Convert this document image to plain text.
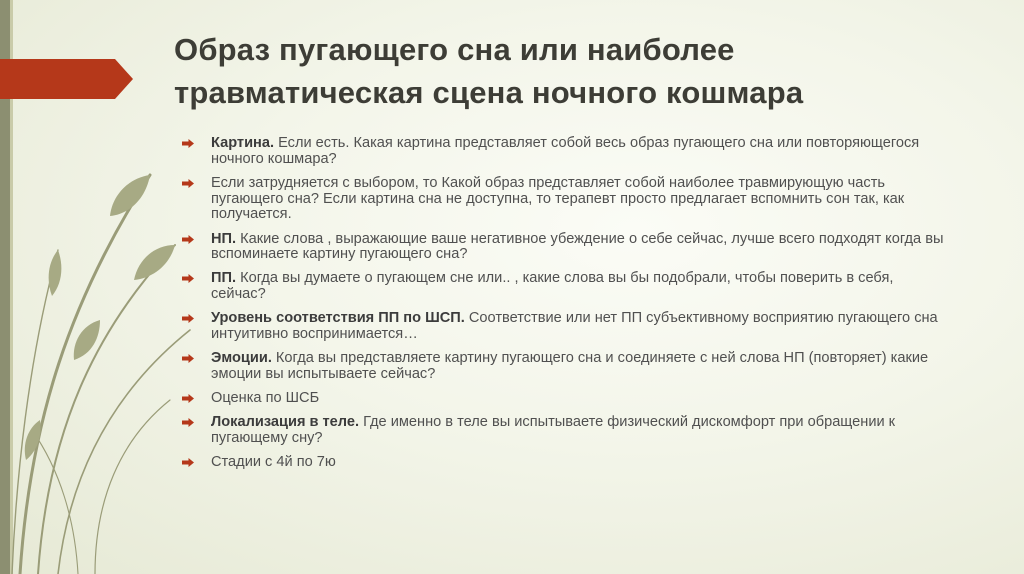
Образ пугающего сна или наиболее
травматическая сцена ночного кошмара
Картина. Если есть. Какая картина представляет собой весь образ пугающего сна или повторяющегося ночного кошмара?
Если затрудняется с выбором, то Какой образ представляет собой наиболее травмирующую часть пугающего сна? Если картина сна не доступна, то терапевт просто предлагает вспомнить сон так, как получается.
НП. Какие слова , выражающие ваше негативное убеждение о себе сейчас, лучше всего подходят когда вы вспоминаете картину пугающего сна?
ПП. Когда вы думаете о пугающем сне или.. , какие слова вы бы подобрали, чтобы поверить в себя, сейчас?
Уровень соответствия ПП по ШСП. Соответствие или нет ПП субъективному восприятию пугающего сна интуитивно воспринимается…
Эмоции. Когда вы представляете картину пугающего сна и соединяете с ней слова НП (повторяет) какие эмоции вы испытываете сейчас?
Оценка по ШСБ
Локализация в теле. Где именно в теле вы испытываете физический дискомфорт при обращении к пугающему сну?
Стадии с 4й по 7ю
